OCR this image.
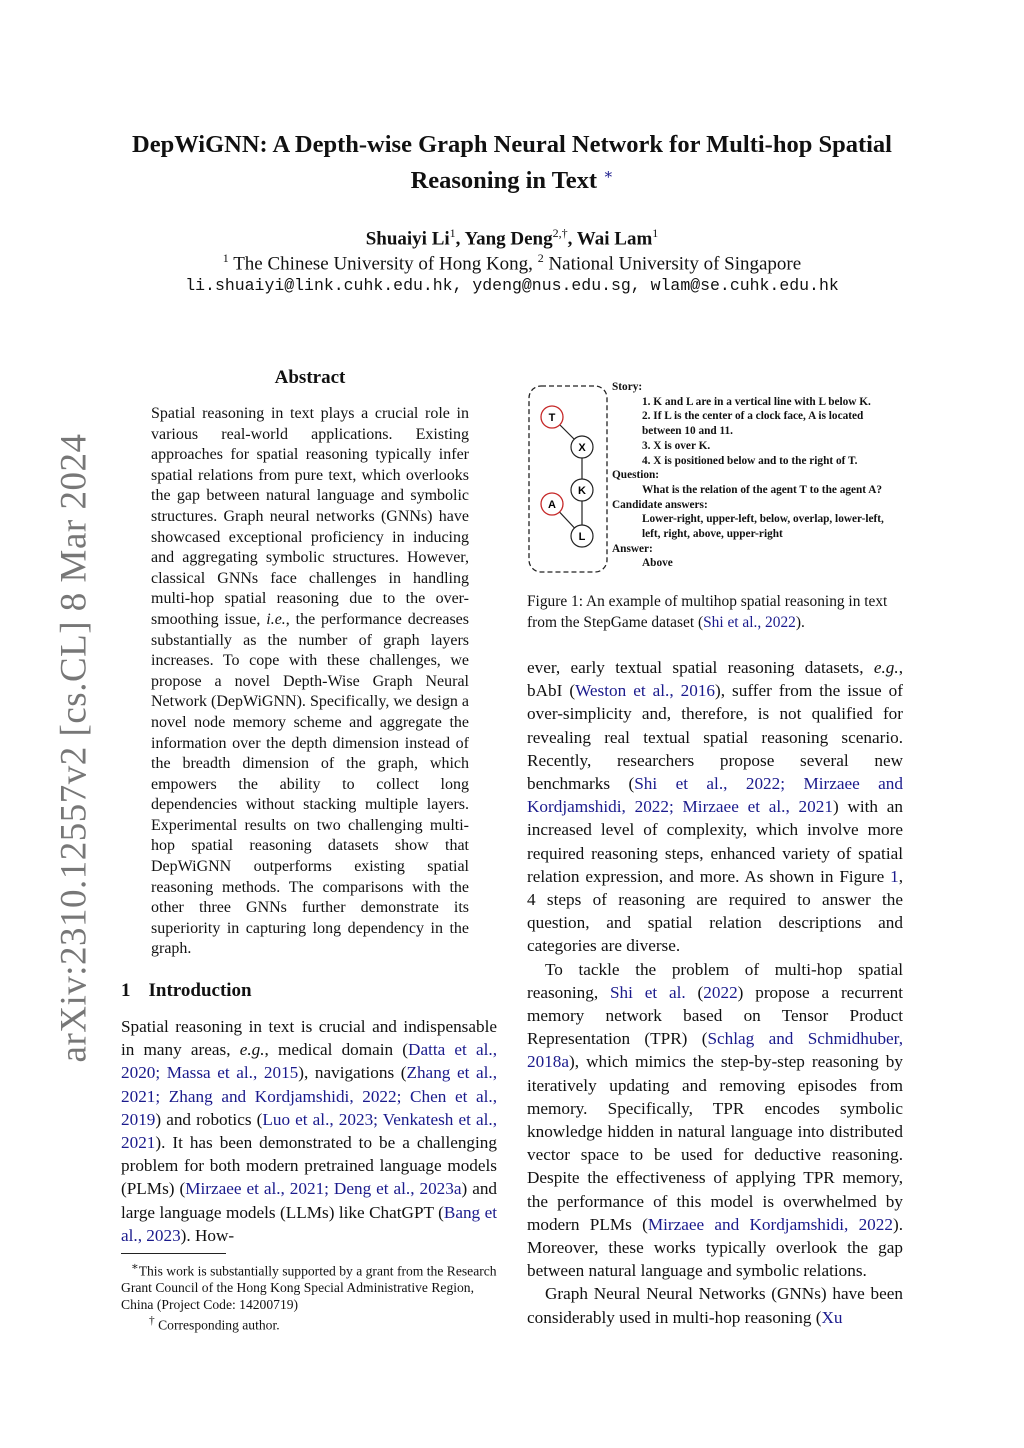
DepWiGNN: A Depth-wise Graph Neural Network for Multi-hop Spatial
Reasoning in Text ∗
Shuaiyi Li$^1$, Yang Deng$^{2,\dagger}$, Wai Lam$^1$
$^1$ The Chinese University of Hong Kong, $^2$ National University of Singapore
li.shuaiyi@link.cuhk.edu.hk, ydeng@nus.edu.sg, wlam@se.cuhk.edu.hk
arXiv:2310.12557v2 [cs.CL] 8 Mar 2024
Abstract
Spatial reasoning in text plays a crucial role in various real-world applications. Existing approaches for spatial reasoning typically infer spatial relations from pure text, which overlooks the gap between natural language and symbolic structures. Graph neural networks (GNNs) have showcased exceptional proficiency in inducing and aggregating symbolic structures. However, classical GNNs face challenges in handling multi-hop spatial reasoning due to the over-smoothing issue, i.e., the performance decreases substantially as the number of graph layers increases. To cope with these challenges, we propose a novel Depth-Wise Graph Neural Network (DepWiGNN). Specifically, we design a novel node memory scheme and aggregate the information over the depth dimension instead of the breadth dimension of the graph, which empowers the ability to collect long dependencies without stacking multiple layers. Experimental results on two challenging multi-hop spatial reasoning datasets show that DepWiGNN outperforms existing spatial reasoning methods. The comparisons with the other three GNNs further demonstrate its superiority in capturing long dependency in the graph.
1 Introduction
Spatial reasoning in text is crucial and indispensable in many areas, e.g., medical domain (Datta et al., 2020; Massa et al., 2015), navigations (Zhang et al., 2021; Zhang and Kordjamshidi, 2022; Chen et al., 2019) and robotics (Luo et al., 2023; Venkatesh et al., 2021). It has been demonstrated to be a challenging problem for both modern pretrained language models (PLMs) (Mirzaee et al., 2021; Deng et al., 2023a) and large language models (LLMs) like ChatGPT (Bang et al., 2023). How-

∗This work is substantially supported by a grant from the Research Grant Council of the Hong Kong Special Administrative Region, China (Project Code: 14200719)

† Corresponding author.

T
X
K
A
L
Story:
1. K and L are in a vertical line with L below K.
2. If L is the center of a clock face, A is located
between 10 and 11.
3. X is over K.
4. X is positioned below and to the right of T.
Question:
What is the relation of the agent T to the agent A?
Candidate answers:
Lower-right, upper-left, below, overlap, lower-left,
left, right, above, upper-right
Answer:
Above
Figure 1: An example of multihop spatial reasoning in text from the StepGame dataset (Shi et al., 2022).

ever, early textual spatial reasoning datasets, e.g., bAbI (Weston et al., 2016), suffer from the issue of over-simplicity and, therefore, is not qualified for revealing real textual spatial reasoning scenario. Recently, researchers propose several new benchmarks (Shi et al., 2022; Mirzaee and Kordjamshidi, 2022; Mirzaee et al., 2021) with an increased level of complexity, which involve more required reasoning steps, enhanced variety of spatial relation expression, and more. As shown in Figure 1, 4 steps of reasoning are required to answer the question, and spatial relation descriptions and categories are diverse.

To tackle the problem of multi-hop spatial reasoning, Shi et al. (2022) propose a recurrent memory network based on Tensor Product Representation (TPR) (Schlag and Schmidhuber, 2018a), which mimics the step-by-step reasoning by iteratively updating and removing episodes from memory. Specifically, TPR encodes symbolic knowledge hidden in natural language into distributed vector space to be used for deductive reasoning. Despite the effectiveness of applying TPR memory, the performance of this model is overwhelmed by modern PLMs (Mirzaee and Kordjamshidi, 2022). Moreover, these works typically overlook the gap between natural language and symbolic relations.

Graph Neural Neural Networks (GNNs) have been considerably used in multi-hop reasoning (Xu
